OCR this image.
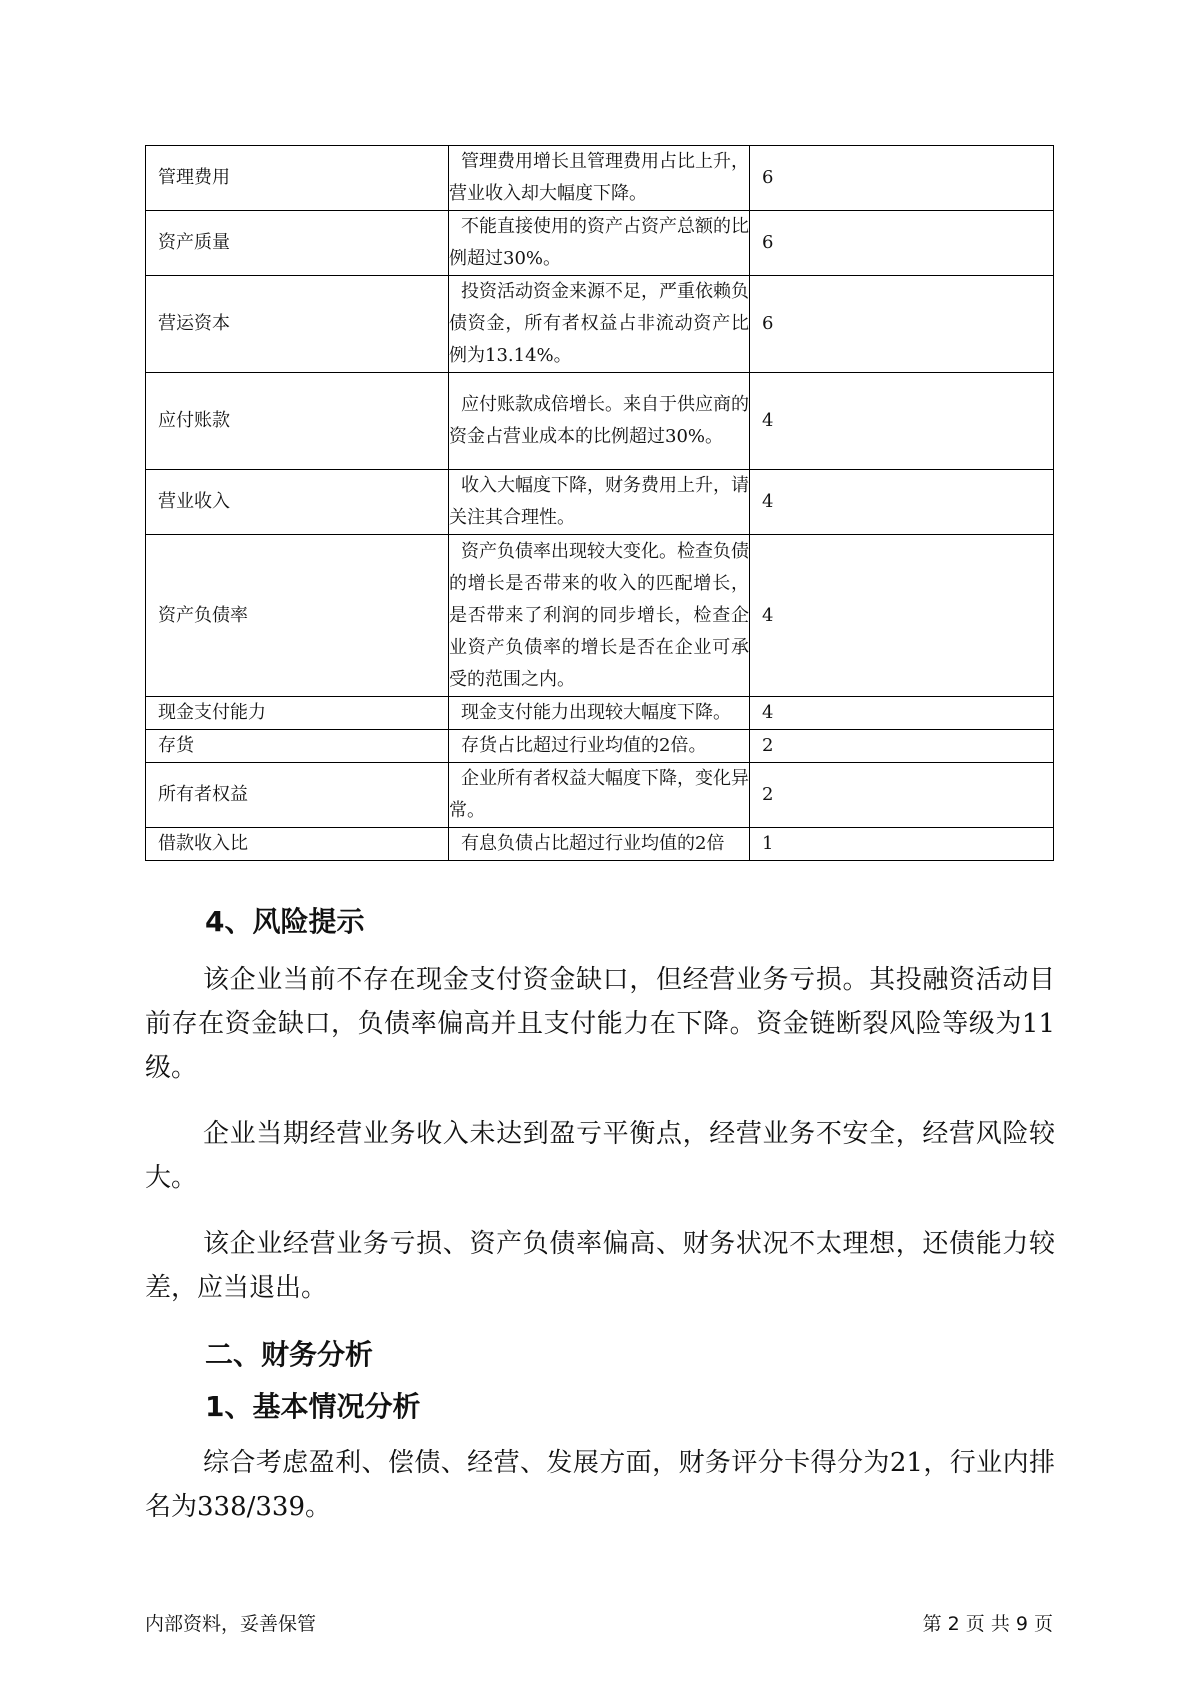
管理费用	管理费用增长且管理费用占比上升，营业收入却大幅度下降。	6
资产质量	不能直接使用的资产占资产总额的比例超过30%。	6
营运资本	投资活动资金来源不足，严重依赖负债资金，所有者权益占非流动资产比例为13.14%。	6
应付账款	应付账款成倍增长。来自于供应商的资金占营业成本的比例超过30%。	4
营业收入	收入大幅度下降，财务费用上升，请关注其合理性。	4
资产负债率	资产负债率出现较大变化。检查负债的增长是否带来的收入的匹配增长，是否带来了利润的同步增长，检查企业资产负债率的增长是否在企业可承受的范围之内。	4
现金支付能力	现金支付能力出现较大幅度下降。	4
存货	存货占比超过行业均值的2倍。	2
所有者权益	企业所有者权益大幅度下降，变化异常。	2
借款收入比	有息负债占比超过行业均值的2倍	1
4、风险提示

该企业当前不存在现金支付资金缺口，但经营业务亏损。其投融资活动目前存在资金缺口，负债率偏高并且支付能力在下降。资金链断裂风险等级为11级。

企业当期经营业务收入未达到盈亏平衡点，经营业务不安全，经营风险较大。

该企业经营业务亏损、资产负债率偏高、财务状况不太理想，还债能力较差，应当退出。

二、财务分析
1、基本情况分析

综合考虑盈利、偿债、经营、发展方面，财务评分卡得分为21，行业内排名为338/339。

内部资料，妥善保管	第 2 页 共 9 页
